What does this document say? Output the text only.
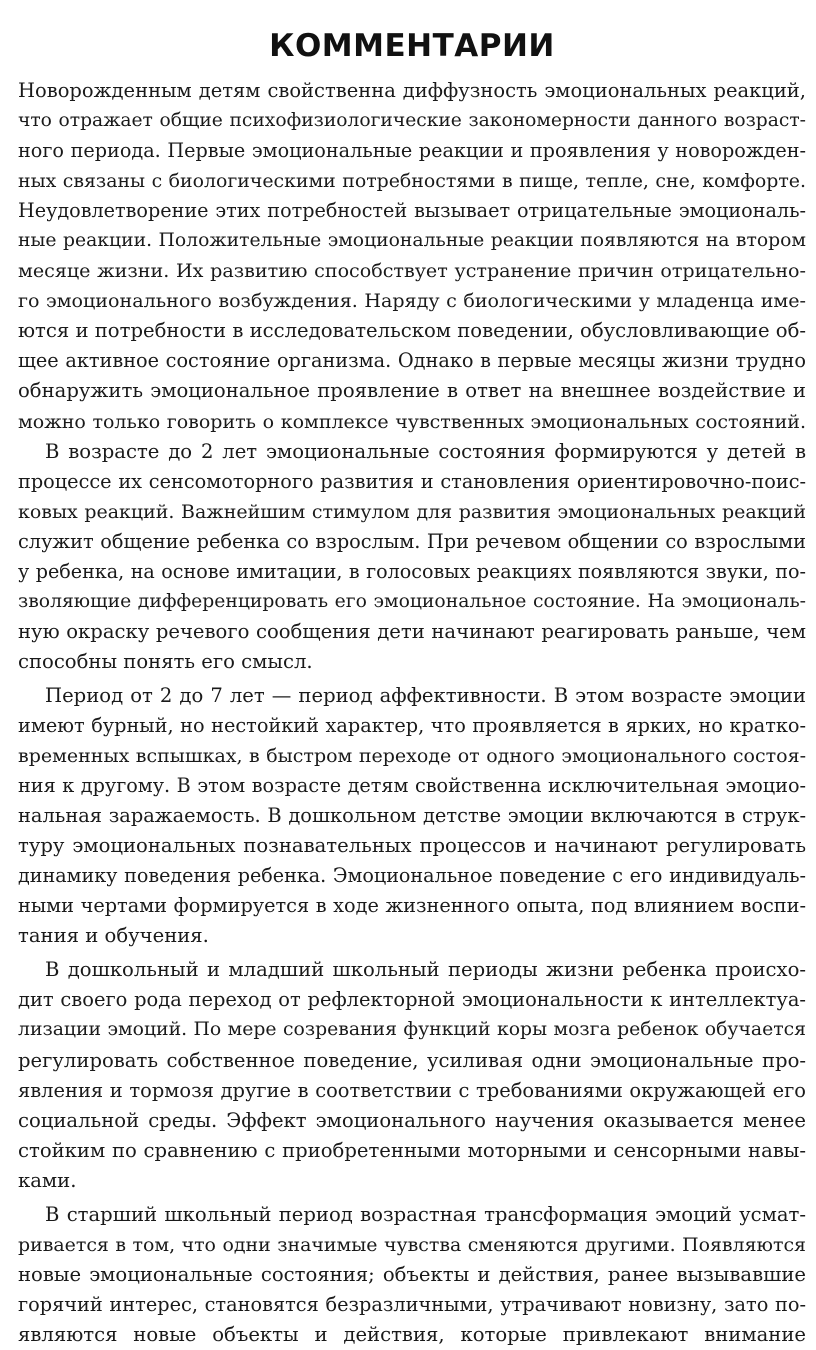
КОММЕНТАРИИ
Новорожденным детям свойственна диффузность эмоциональных реакций,
что отражает общие психофизиологические закономерности данного возраст-
ного периода. Первые эмоциональные реакции и проявления у новорожден-
ных связаны с биологическими потребностями в пище, тепле, сне, комфорте.
Неудовлетворение этих потребностей вызывает отрицательные эмоциональ-
ные реакции. Положительные эмоциональные реакции появляются на втором
месяце жизни. Их развитию способствует устранение причин отрицательно-
го эмоционального возбуждения. Наряду с биологическими у младенца име-
ются и потребности в исследовательском поведении, обусловливающие об-
щее активное состояние организма. Однако в первые месяцы жизни трудно
обнаружить эмоциональное проявление в ответ на внешнее воздействие и
можно только говорить о комплексе чувственных эмоциональных состояний.
В возрасте до 2 лет эмоциональные состояния формируются у детей в
процессе их сенсомоторного развития и становления ориентировочно-поис-
ковых реакций. Важнейшим стимулом для развития эмоциональных реакций
служит общение ребенка со взрослым. При речевом общении со взрослыми
у ребенка, на основе имитации, в голосовых реакциях появляются звуки, по-
зволяющие дифференцировать его эмоциональное состояние. На эмоциональ-
ную окраску речевого сообщения дети начинают реагировать раньше, чем
способны понять его смысл.
Период от 2 до 7 лет — период аффективности. В этом возрасте эмоции
имеют бурный, но нестойкий характер, что проявляется в ярких, но кратко-
временных вспышках, в быстром переходе от одного эмоционального состоя-
ния к другому. В этом возрасте детям свойственна исключительная эмоцио-
нальная заражаемость. В дошкольном детстве эмоции включаются в струк-
туру эмоциональных познавательных процессов и начинают регулировать
динамику поведения ребенка. Эмоциональное поведение с его индивидуаль-
ными чертами формируется в ходе жизненного опыта, под влиянием воспи-
тания и обучения.
В дошкольный и младший школьный периоды жизни ребенка происхо-
дит своего рода переход от рефлекторной эмоциональности к интеллектуа-
лизации эмоций. По мере созревания функций коры мозга ребенок обучается
регулировать собственное поведение, усиливая одни эмоциональные про-
явления и тормозя другие в соответствии с требованиями окружающей его
социальной среды. Эффект эмоционального научения оказывается менее
стойким по сравнению с приобретенными моторными и сенсорными навы-
ками.
В старший школьный период возрастная трансформация эмоций усмат-
ривается в том, что одни значимые чувства сменяются другими. Появляются
новые эмоциональные состояния; объекты и действия, ранее вызывавшие
горячий интерес, становятся безразличными, утрачивают новизну, зато по-
являются новые объекты и действия, которые привлекают внимание
